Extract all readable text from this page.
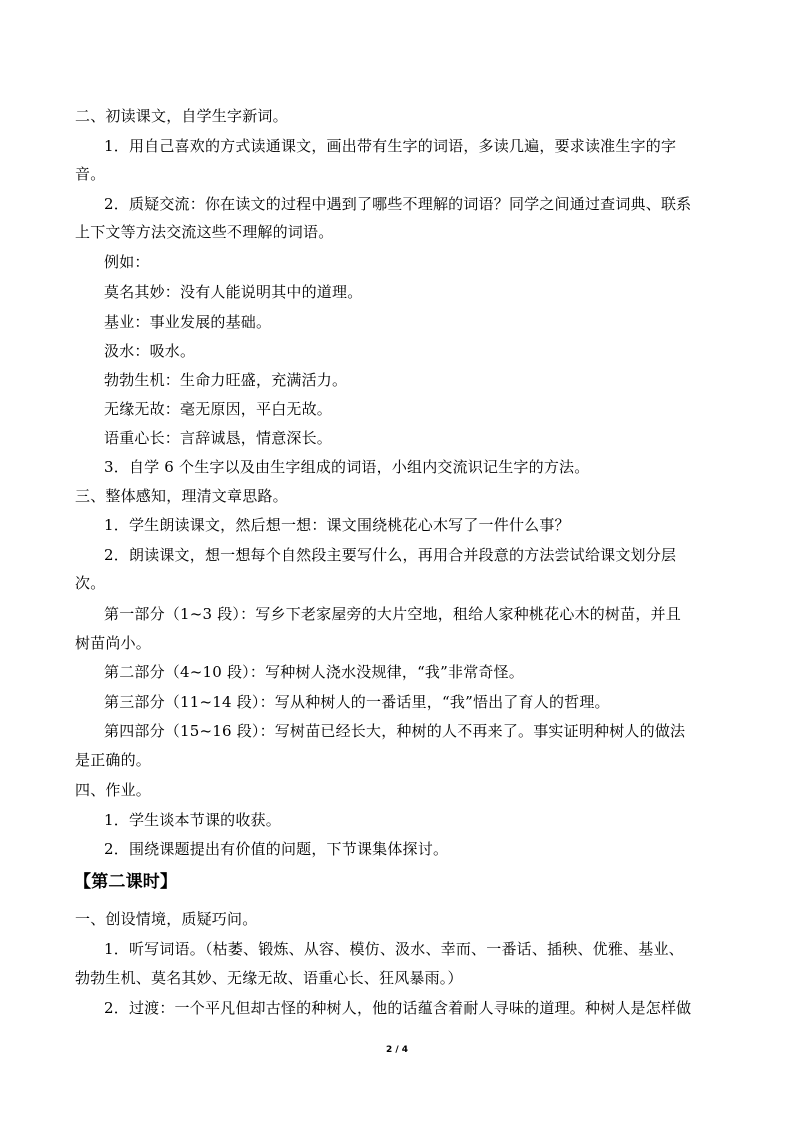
二、初读课文，自学生字新词。
1．用自己喜欢的方式读通课文，画出带有生字的词语，多读几遍，要求读准生字的字
音。
2．质疑交流：你在读文的过程中遇到了哪些不理解的词语？同学之间通过查词典、联系
上下文等方法交流这些不理解的词语。
例如：
莫名其妙：没有人能说明其中的道理。
基业：事业发展的基础。
汲水：吸水。
勃勃生机：生命力旺盛，充满活力。
无缘无故：毫无原因，平白无故。
语重心长：言辞诚恳，情意深长。
3．自学 6 个生字以及由生字组成的词语，小组内交流识记生字的方法。
三、整体感知，理清文章思路。
1．学生朗读课文，然后想一想：课文围绕桃花心木写了一件什么事？
2．朗读课文，想一想每个自然段主要写什么，再用合并段意的方法尝试给课文划分层
次。
第一部分（1~3 段）：写乡下老家屋旁的大片空地，租给人家种桃花心木的树苗，并且
树苗尚小。
第二部分（4~10 段）：写种树人浇水没规律，“我”非常奇怪。
第三部分（11~14 段）：写从种树人的一番话里，“我”悟出了育人的哲理。
第四部分（15~16 段）：写树苗已经长大，种树的人不再来了。事实证明种树人的做法
是正确的。
四、作业。
1．学生谈本节课的收获。
2．围绕课题提出有价值的问题，下节课集体探讨。
【第二课时】
一、创设情境，质疑巧问。
1．听写词语。（枯萎、锻炼、从容、模仿、汲水、幸而、一番话、插秧、优雅、基业、
勃勃生机、莫名其妙、无缘无故、语重心长、狂风暴雨。）
2．过渡：一个平凡但却古怪的种树人，他的话蕴含着耐人寻味的道理。种树人是怎样做
2 / 4
